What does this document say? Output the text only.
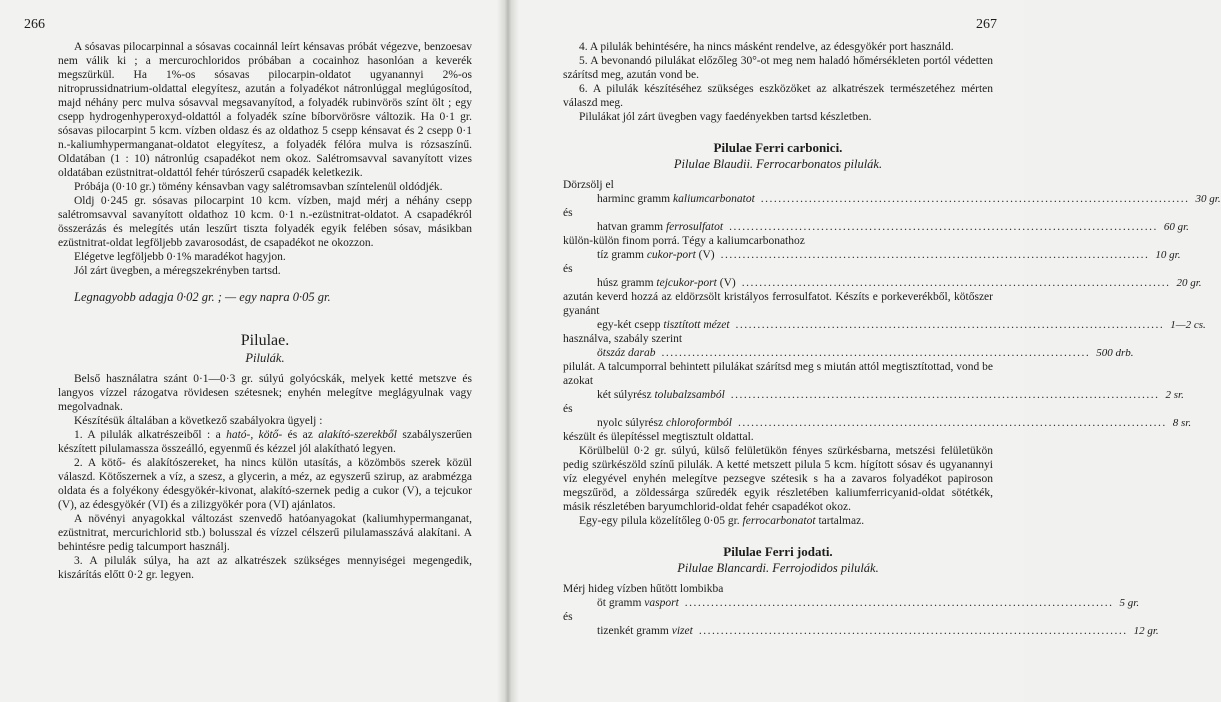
266

A sósavas pilocarpinnal a sósavas cocainnál leírt kénsavas próbát végezve, benzoesav nem válik ki ; a mercurochloridos próbában a cocainhoz hasonlóan a keverék megszürkül. Ha 1%-os sósavas pilocarpin-oldatot ugyanannyi 2%-os nitroprussidnatrium-oldattal elegyítesz, azután a folyadékot nátronlúggal meglúgosítod, majd néhány perc mulva sósavval megsavanyítod, a folyadék rubinvörös színt ölt ; egy csepp hydrogenhyperoxyd-oldattól a folyadék színe bíborvörösre változik. Ha 0·1 gr. sósavas pilocarpint 5 kcm. vízben oldasz és az oldathoz 5 csepp kénsavat és 2 csepp 0·1 n.-kaliumhypermanganat-oldatot elegyítesz, a folyadék félóra mulva is rózsaszínű. Oldatában (1 : 10) nátronlúg csapadékot nem okoz. Salétromsavval savanyított vizes oldatában ezüstnitrat-oldattól fehér túrószerű csapadék keletkezik.

Próbája (0·10 gr.) tömény kénsavban vagy salétromsavban színtelenül oldódjék.

Oldj 0·245 gr. sósavas pilocarpint 10 kcm. vízben, majd mérj a néhány csepp salétromsavval savanyított oldathoz 10 kcm. 0·1 n.-ezüstnitrat-oldatot. A csapadékról összerázás és melegítés után leszűrt tiszta folyadék egyik felében sósav, másikban ezüstnitrat-oldat legföljebb zavarosodást, de csapadékot ne okozzon.

Elégetve legföljebb 0·1% maradékot hagyjon.

Jól zárt üvegben, a méregszekrényben tartsd.

Legnagyobb adagja 0·02 gr. ; — egy napra 0·05 gr.

Pilulae.
Pilulák.

Belső használatra szánt 0·1—0·3 gr. súlyú golyócskák, melyek ketté metszve és langyos vízzel rázogatva rövidesen szétesnek; enyhén melegítve meglágyulnak vagy megolvadnak.

Készítésük általában a következő szabályokra ügyelj :

1. A pilulák alkatrészeiből : a ható-, kötő- és az alakító-szerekből szabályszerűen készített pilulamassza összeálló, egyenmű és kézzel jól alakítható legyen.

2. A kötő- és alakítószereket, ha nincs külön utasítás, a közömbös szerek közül válaszd. Kötőszernek a víz, a szesz, a glycerin, a méz, az egyszerű szirup, az arabmézga oldata és a folyékony édesgyökér-kivonat, alakító-szernek pedig a cukor (V), a tejcukor (V), az édesgyökér (VI) és a zilizgyökér pora (VI) ajánlatos.

A növényi anyagokkal változást szenvedő hatóanyagokat (kaliumhypermanganat, ezüstnitrat, mercurichlorid stb.) bolusszal és vízzel célszerű pilulamasszává alakítani. A behintésre pedig talcumport használj.

3. A pilulák súlya, ha azt az alkatrészek szükséges mennyiségei megengedik, kiszárítás előtt 0·2 gr. legyen.

267

4. A pilulák behintésére, ha nincs másként rendelve, az édesgyökér port használd.

5. A bevonandó pilulákat előzőleg 30°-ot meg nem haladó hőmérsékleten portól védetten szárítsd meg, azután vond be.

6. A pilulák készítéséhez szükséges eszközöket az alkatrészek természetéhez mérten válaszd meg.

Pilulákat jól zárt üvegben vagy faedényekben tartsd készletben.

Pilulae Ferri carbonici.
Pilulae Blaudii. Ferrocarbonatos pilulák.

Dörzsölj el

harminc gramm kaliumcarbonatot .................................................................................................. 30 gr.

és

hatvan gramm ferrosulfatot .................................................................................................. 60 gr.

külön-külön finom porrá. Tégy a kaliumcarbonathoz

tíz gramm cukor-port (V) .................................................................................................. 10 gr.

és

húsz gramm tejcukor-port (V) .................................................................................................. 20 gr.

azután keverd hozzá az eldörzsölt kristályos ferrosulfatot. Készíts e porkeverékből, kötőszer gyanánt

egy-két csepp tisztított mézet .................................................................................................. 1—2 cs.

használva, szabály szerint

ötszáz darab .................................................................................................. 500 drb.

pilulát. A talcumporral behintett pilulákat szárítsd meg s miután attól megtisztítottad, vond be azokat

két súlyrész tolubalzsamból .................................................................................................. 2 sr.

és

nyolc súlyrész chloroformból .................................................................................................. 8 sr.

készült és ülepítéssel megtisztult oldattal.

Körülbelül 0·2 gr. súlyú, külső felületükön fényes szürkésbarna, metszési felületükön pedig szürkészöld színű pilulák. A ketté metszett pilula 5 kcm. hígított sósav és ugyanannyi víz elegyével enyhén melegítve pezsegve szétesik s ha a zavaros folyadékot papiroson megszűröd, a zöldessárga szűredék egyik részletében kaliumferricyanid-oldat sötétkék, másik részletében baryumchlorid-oldat fehér csapadékot okoz.

Egy-egy pilula közelítőleg 0·05 gr. ferrocarbonatot tartalmaz.

Pilulae Ferri jodati.
Pilulae Blancardi. Ferrojodidos pilulák.

Mérj hideg vízben hűtött lombikba

öt gramm vasport .................................................................................................. 5 gr.

és

tizenkét gramm vizet .................................................................................................. 12 gr.
